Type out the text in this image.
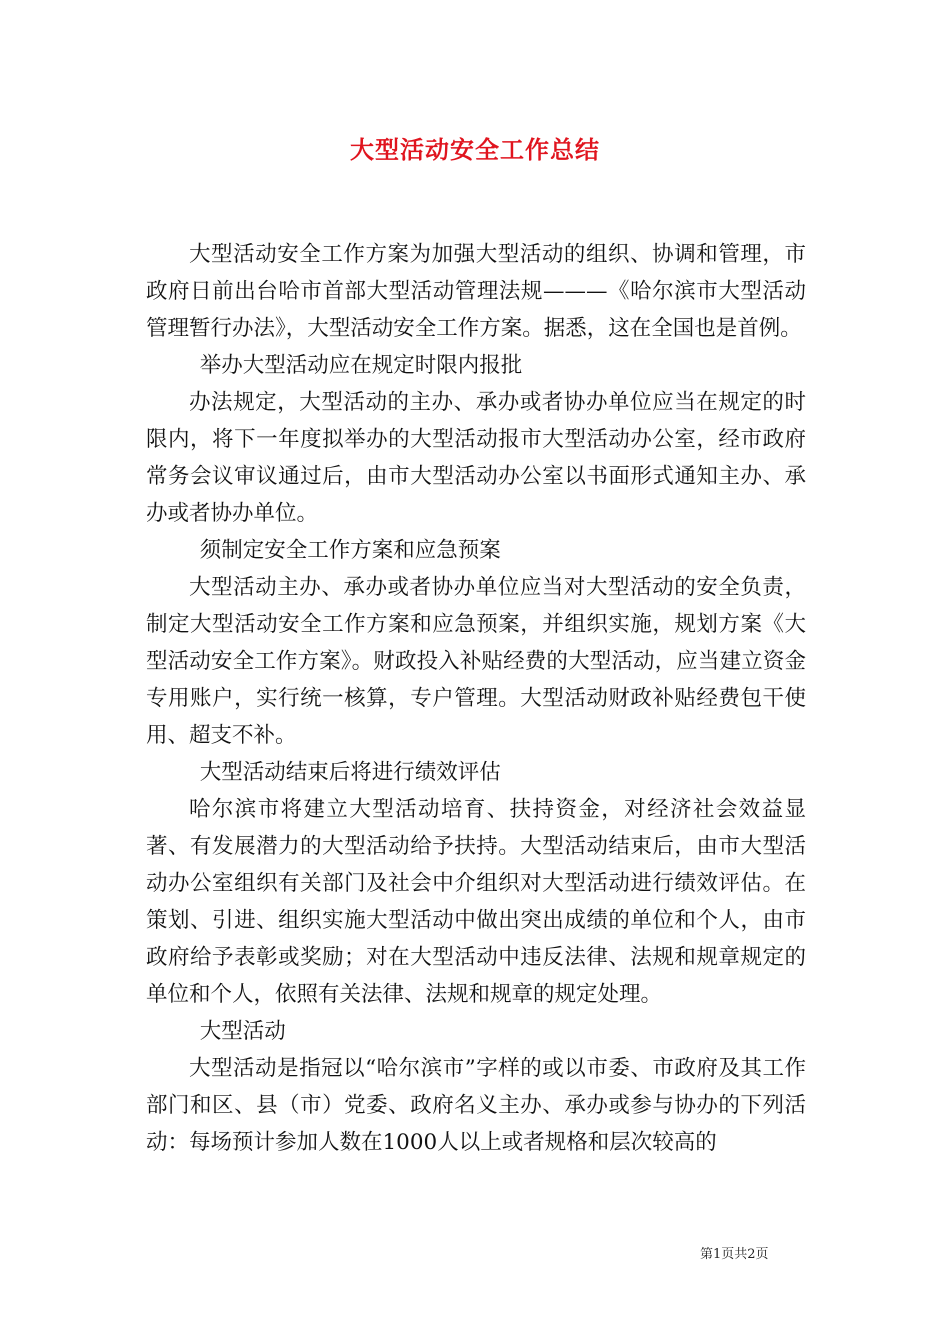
大型活动安全工作总结

大型活动安全工作方案为加强大型活动的组织、协调和管理，市政府日前出台哈市首部大型活动管理法规———《哈尔滨市大型活动管理暂行办法》，大型活动安全工作方案。据悉，这在全国也是首例。

举办大型活动应在规定时限内报批

办法规定，大型活动的主办、承办或者协办单位应当在规定的时限内，将下一年度拟举办的大型活动报市大型活动办公室，经市政府常务会议审议通过后，由市大型活动办公室以书面形式通知主办、承办或者协办单位。

须制定安全工作方案和应急预案

大型活动主办、承办或者协办单位应当对大型活动的安全负责，制定大型活动安全工作方案和应急预案，并组织实施，规划方案《大型活动安全工作方案》。财政投入补贴经费的大型活动，应当建立资金专用账户，实行统一核算，专户管理。大型活动财政补贴经费包干使用、超支不补。

大型活动结束后将进行绩效评估

哈尔滨市将建立大型活动培育、扶持资金，对经济社会效益显著、有发展潜力的大型活动给予扶持。大型活动结束后，由市大型活动办公室组织有关部门及社会中介组织对大型活动进行绩效评估。在策划、引进、组织实施大型活动中做出突出成绩的单位和个人，由市政府给予表彰或奖励；对在大型活动中违反法律、法规和规章规定的单位和个人，依照有关法律、法规和规章的规定处理。

大型活动

大型活动是指冠以“哈尔滨市”字样的或以市委、市政府及其工作部门和区、县（市）党委、政府名义主办、承办或参与协办的下列活动：每场预计参加人数在1000人以上或者规格和层次较高的

第1页共2页
